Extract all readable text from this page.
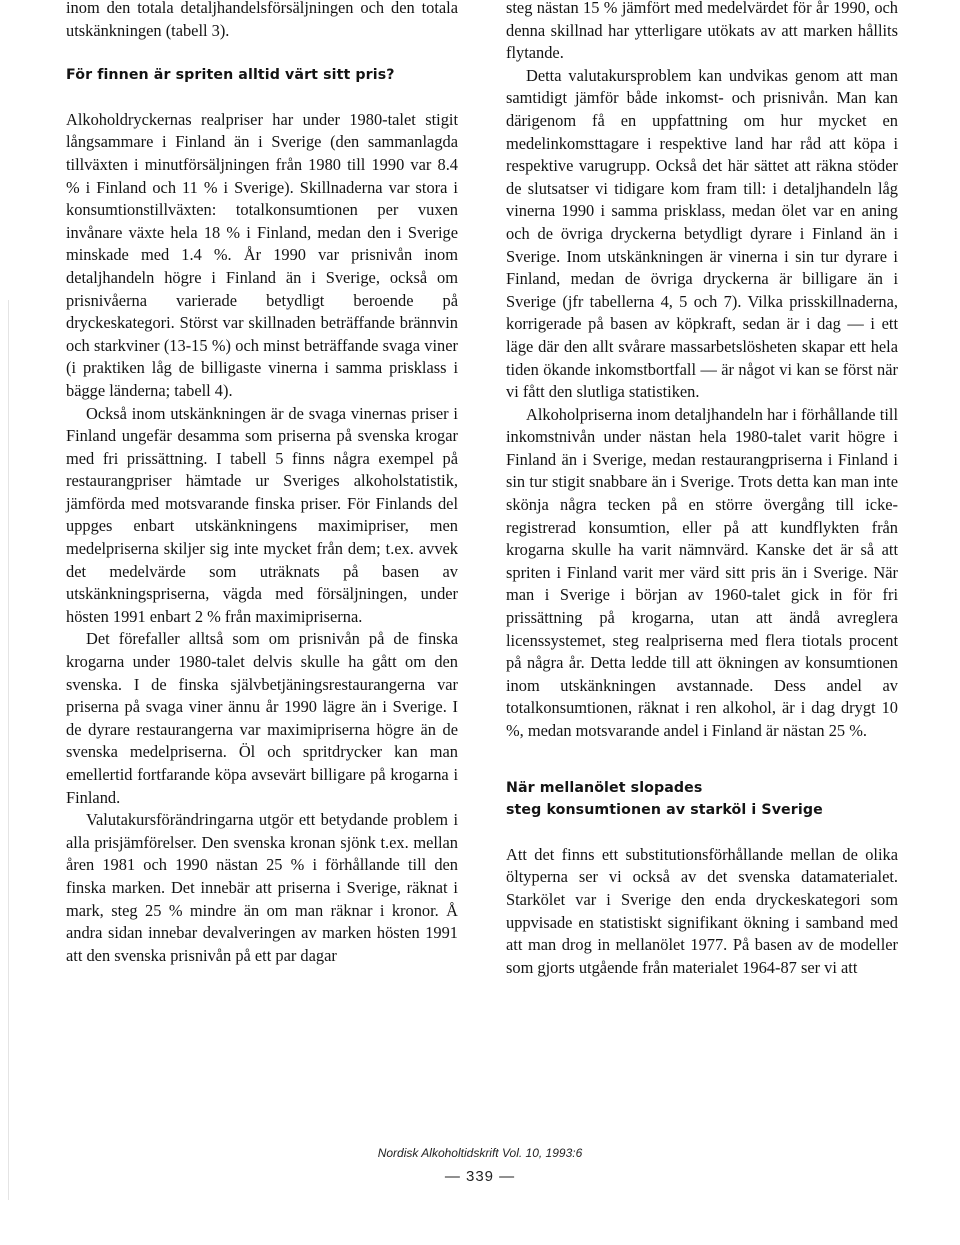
inom den totala detaljhandelsförsäljningen och den totala utskänkningen (tabell 3).

För finnen är spriten alltid värt sitt pris?

Alkoholdryckernas realpriser har under 1980-talet stigit långsammare i Finland än i Sverige (den sammanlagda tillväxten i minutförsäljningen från 1980 till 1990 var 8.4 % i Finland och 11 % i Sverige). Skillnaderna var stora i konsumtionstillväxten: totalkonsumtionen per vuxen invånare växte hela 18 % i Finland, medan den i Sverige minskade med 1.4 %. År 1990 var prisnivån inom detaljhandeln högre i Finland än i Sverige, också om prisnivåerna varierade betydligt beroende på dryckeskategori. Störst var skillnaden beträffande brännvin och starkviner (13-15 %) och minst beträffande svaga viner (i praktiken låg de billigaste vinerna i samma prisklass i bägge länderna; tabell 4).

Också inom utskänkningen är de svaga vinernas priser i Finland ungefär desamma som priserna på svenska krogar med fri prissättning. I tabell 5 finns några exempel på restaurangpriser hämtade ur Sveriges alkoholstatistik, jämförda med motsvarande finska priser. För Finlands del uppges enbart utskänkningens maximipriser, men medelpriserna skiljer sig inte mycket från dem; t.ex. avvek det medelvärde som uträknats på basen av utskänkningspriserna, vägda med försäljningen, under hösten 1991 enbart 2 % från maximipriserna.

Det förefaller alltså som om prisnivån på de finska krogarna under 1980-talet delvis skulle ha gått om den svenska. I de finska självbetjäningsrestaurangerna var priserna på svaga viner ännu år 1990 lägre än i Sverige. I de dyrare restaurangerna var maximipriserna högre än de svenska medelpriserna. Öl och spritdrycker kan man emellertid fortfarande köpa avsevärt billigare på krogarna i Finland.

Valutakursförändringarna utgör ett betydande problem i alla prisjämförelser. Den svenska kronan sjönk t.ex. mellan åren 1981 och 1990 nästan 25 % i förhållande till den finska marken. Det innebär att priserna i Sverige, räknat i mark, steg 25 % mindre än om man räknar i kronor. Å andra sidan innebar devalveringen av marken hösten 1991 att den svenska prisnivån på ett par dagar

steg nästan 15 % jämfört med medelvärdet för år 1990, och denna skillnad har ytterligare utökats av att marken hållits flytande.

Detta valutakursproblem kan undvikas genom att man samtidigt jämför både inkomst- och prisnivån. Man kan därigenom få en uppfattning om hur mycket en medelinkomsttagare i respektive land har råd att köpa i respektive varugrupp. Också det här sättet att räkna stöder de slutsatser vi tidigare kom fram till: i detaljhandeln låg vinerna 1990 i samma prisklass, medan ölet var en aning och de övriga dryckerna betydligt dyrare i Finland än i Sverige. Inom utskänkningen är vinerna i sin tur dyrare i Finland, medan de övriga dryckerna är billigare än i Sverige (jfr tabellerna 4, 5 och 7). Vilka prisskillnaderna, korrigerade på basen av köpkraft, sedan är i dag — i ett läge där den allt svårare massarbetslösheten skapar ett hela tiden ökande inkomstbortfall — är något vi kan se först när vi fått den slutliga statistiken.

Alkoholpriserna inom detaljhandeln har i förhållande till inkomstnivån under nästan hela 1980-talet varit högre i Finland än i Sverige, medan restaurangpriserna i Finland i sin tur stigit snabbare än i Sverige. Trots detta kan man inte skönja några tecken på en större övergång till icke-registrerad konsumtion, eller på att kundflykten från krogarna skulle ha varit nämnvärd. Kanske det är så att spriten i Finland varit mer värd sitt pris än i Sverige. När man i Sverige i början av 1960-talet gick in för fri prissättning på krogarna, utan att ändå avreglera licenssystemet, steg realpriserna med flera tiotals procent på några år. Detta ledde till att ökningen av konsumtionen inom utskänkningen avstannade. Dess andel av totalkonsumtionen, räknat i ren alkohol, är i dag drygt 10 %, medan motsvarande andel i Finland är nästan 25 %.

När mellanölet slopades
steg konsumtionen av starköl i Sverige

Att det finns ett substitutionsförhållande mellan de olika öltyperna ser vi också av det svenska datamaterialet. Starkölet var i Sverige den enda dryckeskategori som uppvisade en statistiskt signifikant ökning i samband med att man drog in mellanölet 1977. På basen av de modeller som gjorts utgående från materialet 1964-87 ser vi att

Nordisk Alkoholtidskrift Vol. 10, 1993:6
— 339 —
